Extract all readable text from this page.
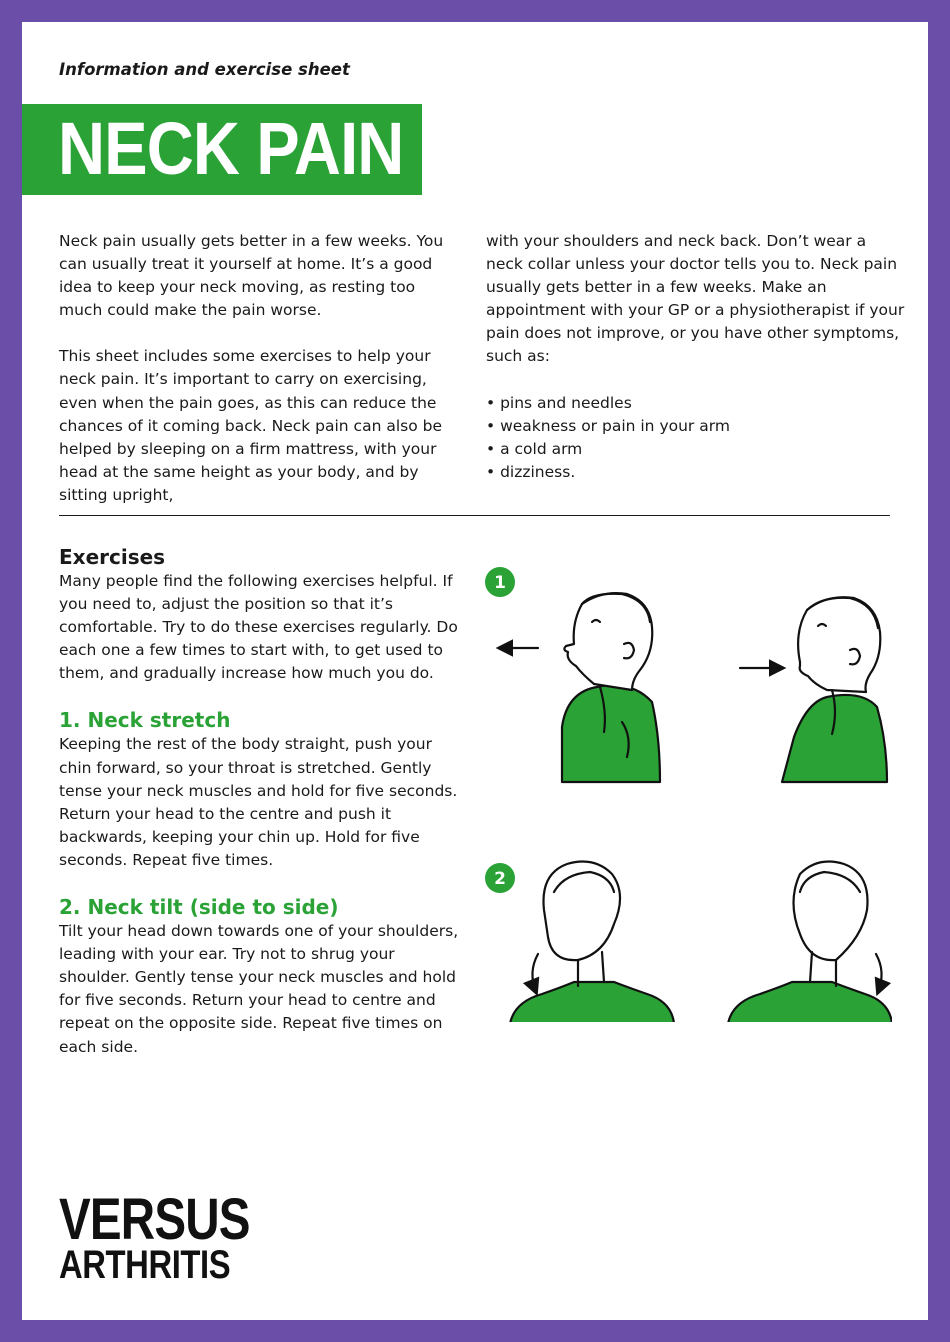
Information and exercise sheet

NECK PAIN

Neck pain usually gets better in a few weeks. You can usually treat it yourself at home. It’s a good idea to keep your neck moving, as resting too much could make the pain worse.

This sheet includes some exercises to help your neck pain. It’s important to carry on exercising, even when the pain goes, as this can reduce the chances of it coming back. Neck pain can also be helped by sleeping on a firm mattress, with your head at the same height as your body, and by sitting upright,

with your shoulders and neck back. Don’t wear a neck collar unless your doctor tells you to. Neck pain usually gets better in a few weeks. Make an appointment with your GP or a physiotherapist if your pain does not improve, or you have other symptoms, such as:

• pins and needles
• weakness or pain in your arm
• a cold arm
• dizziness.
Exercises

Many people find the following exercises helpful. If you need to, adjust the position so that it’s comfortable. Try to do these exercises regularly. Do each one a few times to start with, to get used to them, and gradually increase how much you do.

1. Neck stretch

Keeping the rest of the body straight, push your chin forward, so your throat is stretched. Gently tense your neck muscles and hold for five seconds. Return your head to the centre and push it backwards, keeping your chin up. Hold for five seconds. Repeat five times.

2. Neck tilt (side to side)

Tilt your head down towards one of your shoulders, leading with your ear. Try not to shrug your shoulder. Gently tense your neck muscles and hold for five seconds. Return your head to centre and repeat on the opposite side. Repeat five times on each side.

1
2
VERSUS
ARTHRITIS
